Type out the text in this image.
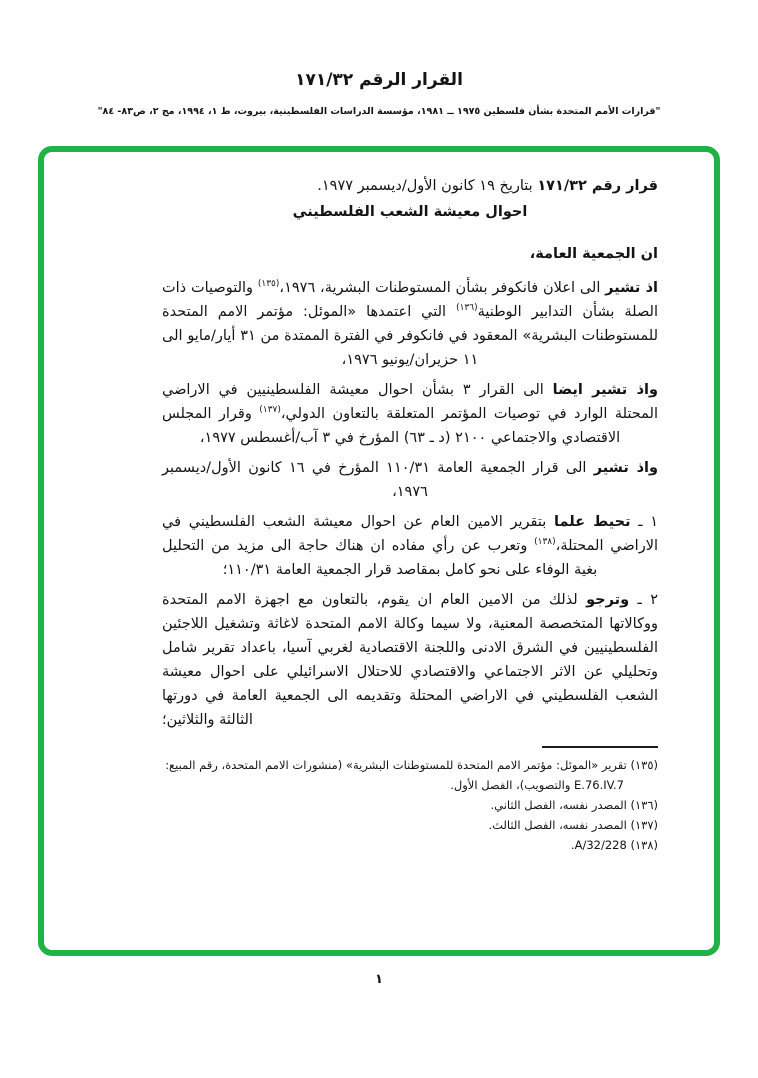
القرار الرقم ١٧١/٣٢
"قرارات الأمم المتحدة بشأن فلسطين ١٩٧٥ ــ ١٩٨١، مؤسسة الدراسات الفلسطينية، بيروت، ط ١، ١٩٩٤، مج ٢، ص٨٣- ٨٤"
قرار رقم ١٧١/٣٢ بتاريخ ١٩ كانون الأول/ديسمبر ١٩٧٧.
احوال معيشة الشعب الفلسطيني
ان الجمعية العامة،

اذ تشير الى اعلان فانكوفر بشأن المستوطنات البشرية، ١٩٧٦،$^{(١٣٥)}$ والتوصيات ذات الصلة بشأن التدابير الوطنية$^{(١٣٦)}$ التي اعتمدها «الموئل: مؤتمر الامم المتحدة للمستوطنات البشرية» المعقود في فانكوفر في الفترة الممتدة من ٣١ أيار/مايو الى ١١ حزيران/يونيو ١٩٧٦،

واذ تشير ايضا الى القرار ٣ بشأن احوال معيشة الفلسطينيين في الاراضي المحتلة الوارد في توصيات المؤتمر المتعلقة بالتعاون الدولي،$^{(١٣٧)}$ وقرار المجلس الاقتصادي والاجتماعي ٢١٠٠ (د ـ ٦٣) المؤرخ في ٣ آب/أغسطس ١٩٧٧،

واذ تشير الى قرار الجمعية العامة ١١٠/٣١ المؤرخ في ١٦ كانون الأول/ديسمبر ١٩٧٦،

١ ـ تحيط علما بتقرير الامين العام عن احوال معيشة الشعب الفلسطيني في الاراضي المحتلة،$^{(١٣٨)}$ وتعرب عن رأي مفاده ان هناك حاجة الى مزيد من التحليل بغية الوفاء على نحو كامل بمقاصد قرار الجمعية العامة ١١٠/٣١؛

٢ ـ وترجو لذلك من الامين العام ان يقوم، بالتعاون مع اجهزة الامم المتحدة ووكالاتها المتخصصة المعنية، ولا سيما وكالة الامم المتحدة لاغاثة وتشغيل اللاجئين الفلسطينيين في الشرق الادنى واللجنة الاقتصادية لغربي آسيا، باعداد تقرير شامل وتحليلي عن الاثر الاجتماعي والاقتصادي للاحتلال الاسرائيلي على احوال معيشة الشعب الفلسطيني في الاراضي المحتلة وتقديمه الى الجمعية العامة في دورتها الثالثة والثلاثين؛

(١٣٥) تقرير «الموئل: مؤتمر الامم المتحدة للمستوطنات البشرية» (منشورات الامم المتحدة، رقم المبيع: E.76.IV.7 والتصويب)، الفصل الأول.
(١٣٦) المصدر نفسه، الفصل الثاني.
(١٣٧) المصدر نفسه، الفصل الثالث.
(١٣٨) A/32/228.
١
